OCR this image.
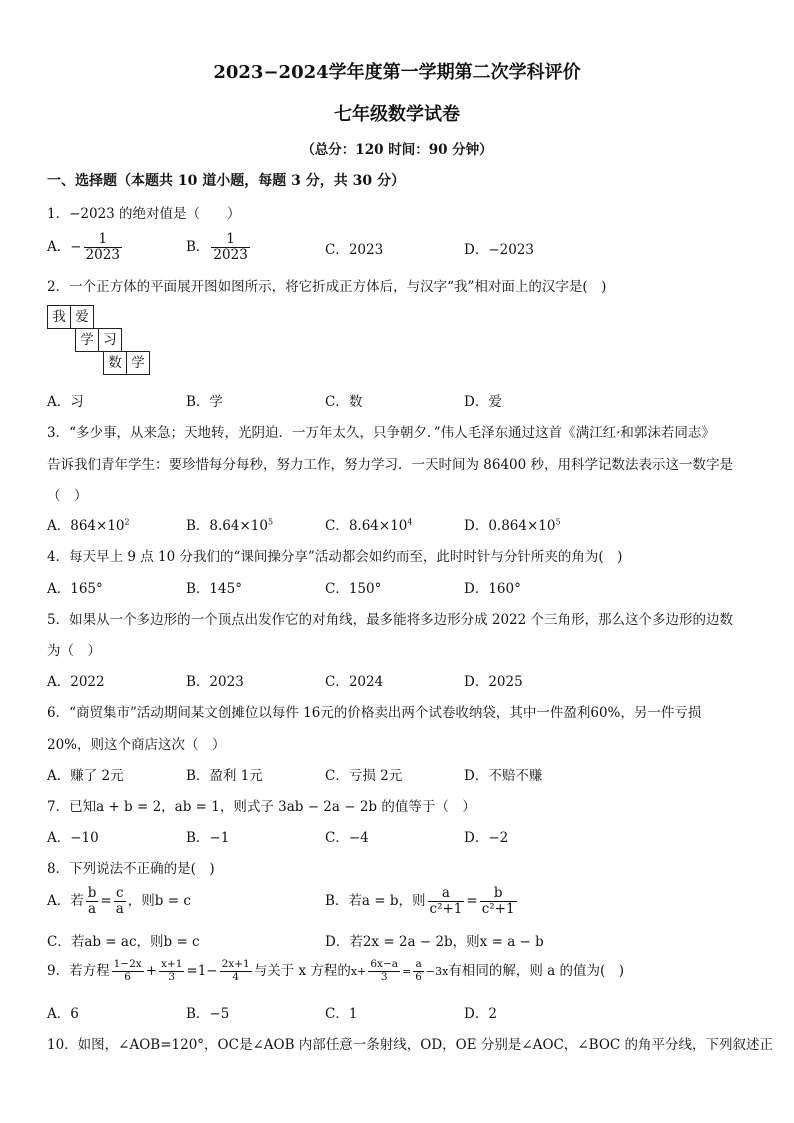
2023−2024学年度第一学期第二次学科评价
七年级数学试卷
（总分：120 时间：90 分钟）
一、选择题（本题共 10 道小题，每题 3 分，共 30 分）
1．−2023 的绝对值是（　　）
A．− $\frac{1}{2023}$	B． $\frac{1}{2023}$	C．2023	D．−2023
2．一个正方体的平面展开图如图所示，将它折成正方体后，与汉字“我”相对面上的汉字是(　)
我 爱
学 习
数 学
A．习	B．学	C．数	D．爱
3．“多少事，从来急；天地转，光阴迫．一万年太久，只争朝夕．”伟人毛泽东通过这首《满江红·和郭沫若同志》
告诉我们青年学生：要珍惜每分每秒，努力工作，努力学习．一天时间为 86400 秒，用科学记数法表示这一数字是
（　）
A．$864\times 10^2$	B．$8.64\times 10^5$	C．$8.64\times 10^4$	D．$0.864\times 10^5$
4．每天早上 9 点 10 分我们的“课间操分享”活动都会如约而至，此时时针与分针所夹的角为(　)
A．165°	B．145°	C．150°	D．160°
5．如果从一个多边形的一个顶点出发作它的对角线，最多能将多边形分成 2022 个三角形，那么这个多边形的边数
为（　）
A．2022	B．2023	C．2024	D．2025
6．“商贸集市”活动期间某文创摊位以每件 16元的价格卖出两个试卷收纳袋，其中一件盈利60%，另一件亏损
20%，则这个商店这次（　）
A．赚了 2元	B．盈利 1元	C．亏损 2元	D．不赔不赚
7．已知a + b = 2，ab = 1，则式子 3ab − 2a − 2b 的值等于（　）
A．−10	B．−1	C．−4	D．−2
8．下列说法不正确的是(　)
A．若 $\frac{b}{a} = \frac{c}{a}$ ，则b = c	B．若a = b，则 $\frac{a}{\text{c²+1}} = \frac{b}{\text{c²+1}}$
C．若ab = ac，则b = c	D．若2x = 2a − 2b，则x = a − b
9．若方程 $\frac{1-2x}{6} + \frac{x+1}{3} =1- \frac{2x+1}{4}$ 与关于 x 方程的$x+ \frac{6x-a}{3} = \frac{a}{6} -3x$有相同的解，则 a 的值为(　)
A．6	B．−5	C．1	D．2
10．如图，∠AOB=120°，OC是∠AOB 内部任意一条射线，OD，OE 分别是∠AOC，∠BOC 的角平分线，下列叙述正
